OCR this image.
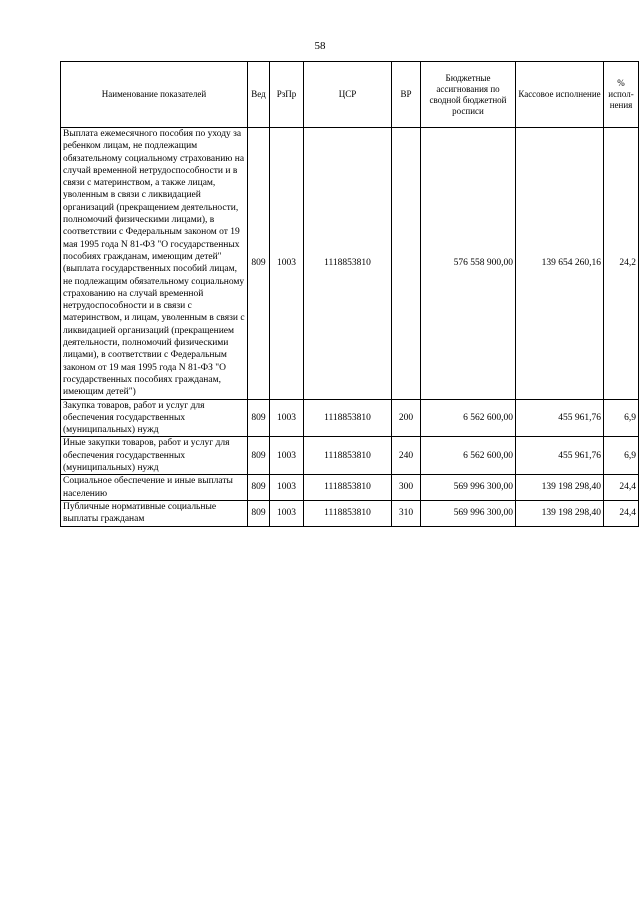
58
Наименование показателей	Вед	РзПр	ЦСР	ВР	Бюджетные ассигнования по сводной бюджетной росписи	Кассовое исполнение	% испол-нения
Выплата ежемесячного пособия по уходу за ребенком лицам, не подлежащим обязательному социальному страхованию на случай временной нетрудоспособности и в связи с материнством, а также лицам, уволенным в связи с ликвидацией организаций (прекращением деятельности, полномочий физическими лицами), в соответствии с Федеральным законом от 19 мая 1995 года N 81-ФЗ "О государственных пособиях гражданам, имеющим детей" (выплата государственных пособий лицам, не подлежащим обязательному социальному страхованию на случай временной нетрудоспособности и в связи с материнством, и лицам, уволенным в связи с ликвидацией организаций (прекращением деятельности, полномочий физическими лицами), в соответствии с Федеральным законом от 19 мая 1995 года N 81-ФЗ "О государственных пособиях гражданам, имеющим детей")	809	1003	1118853810		576 558 900,00	139 654 260,16	24,2
Закупка товаров, работ и услуг для обеспечения государственных (муниципальных) нужд	809	1003	1118853810	200	6 562 600,00	455 961,76	6,9
Иные закупки товаров, работ и услуг для обеспечения государственных (муниципальных) нужд	809	1003	1118853810	240	6 562 600,00	455 961,76	6,9
Социальное обеспечение и иные выплаты населению	809	1003	1118853810	300	569 996 300,00	139 198 298,40	24,4
Публичные нормативные социальные выплаты гражданам	809	1003	1118853810	310	569 996 300,00	139 198 298,40	24,4
